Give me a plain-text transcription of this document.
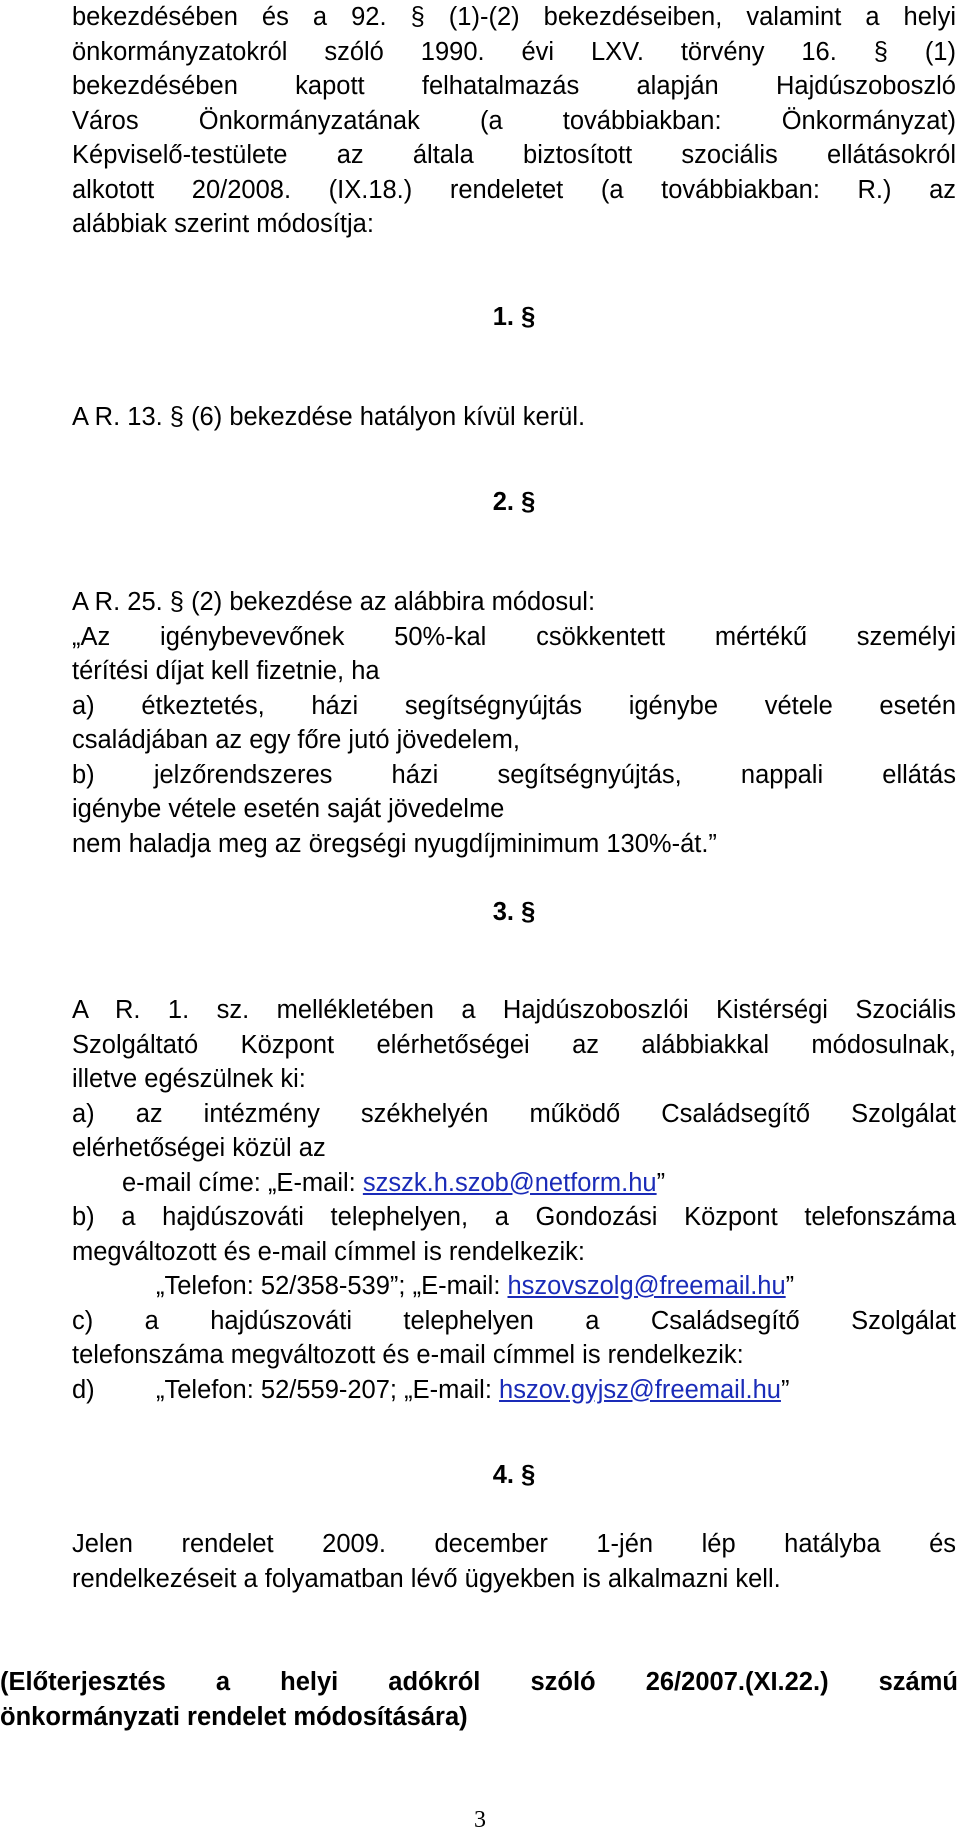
bekezdésében és a 92. § (1)-(2) bekezdéseiben, valamint a helyi

önkormányzatokról szóló 1990. évi LXV. törvény 16. § (1)

bekezdésében kapott felhatalmazás alapján Hajdúszoboszló

Város Önkormányzatának (a továbbiakban: Önkormányzat)

Képviselő-testülete az általa biztosított szociális ellátásokról

alkotott 20/2008. (IX.18.) rendeletet (a továbbiakban: R.) az

alábbiak szerint módosítja:

1. §

A R. 13. § (6) bekezdése hatályon kívül kerül.

2. §

A R. 25. § (2) bekezdése az alábbira módosul:

„Az igénybevevőnek 50%-kal csökkentett mértékű személyi

térítési díjat kell fizetnie, ha

a) étkeztetés, házi segítségnyújtás igénybe vétele esetén

családjában az egy főre jutó jövedelem,

b) jelzőrendszeres házi segítségnyújtás, nappali ellátás

igénybe vétele esetén saját jövedelme

nem haladja meg az öregségi nyugdíjminimum 130%-át.”

3. §

A R. 1. sz. mellékletében a Hajdúszoboszlói Kistérségi Szociális

Szolgáltató Központ elérhetőségei az alábbiakkal módosulnak,

illetve egészülnek ki:

a) az intézmény székhelyén működő Családsegítő Szolgálat

elérhetőségei közül az

e-mail címe: „E-mail: szszk.h.szob@netform.hu”

b) a hajdúszováti telephelyen, a Gondozási Központ telefonszáma

megváltozott és e-mail címmel is rendelkezik:

„Telefon: 52/358-539”; „E-mail: hszovszolg@freemail.hu”

c) a hajdúszováti telephelyen a Családsegítő Szolgálat

telefonszáma megváltozott és e-mail címmel is rendelkezik:

d) „Telefon: 52/559-207; „E-mail: hszov.gyjsz@freemail.hu”

4. §

Jelen rendelet 2009. december 1-jén lép hatályba és

rendelkezéseit a folyamatban lévő ügyekben is alkalmazni kell.

(Előterjesztés a helyi adókról szóló 26/2007.(XI.22.) számú

önkormányzati rendelet módosítására)

3
